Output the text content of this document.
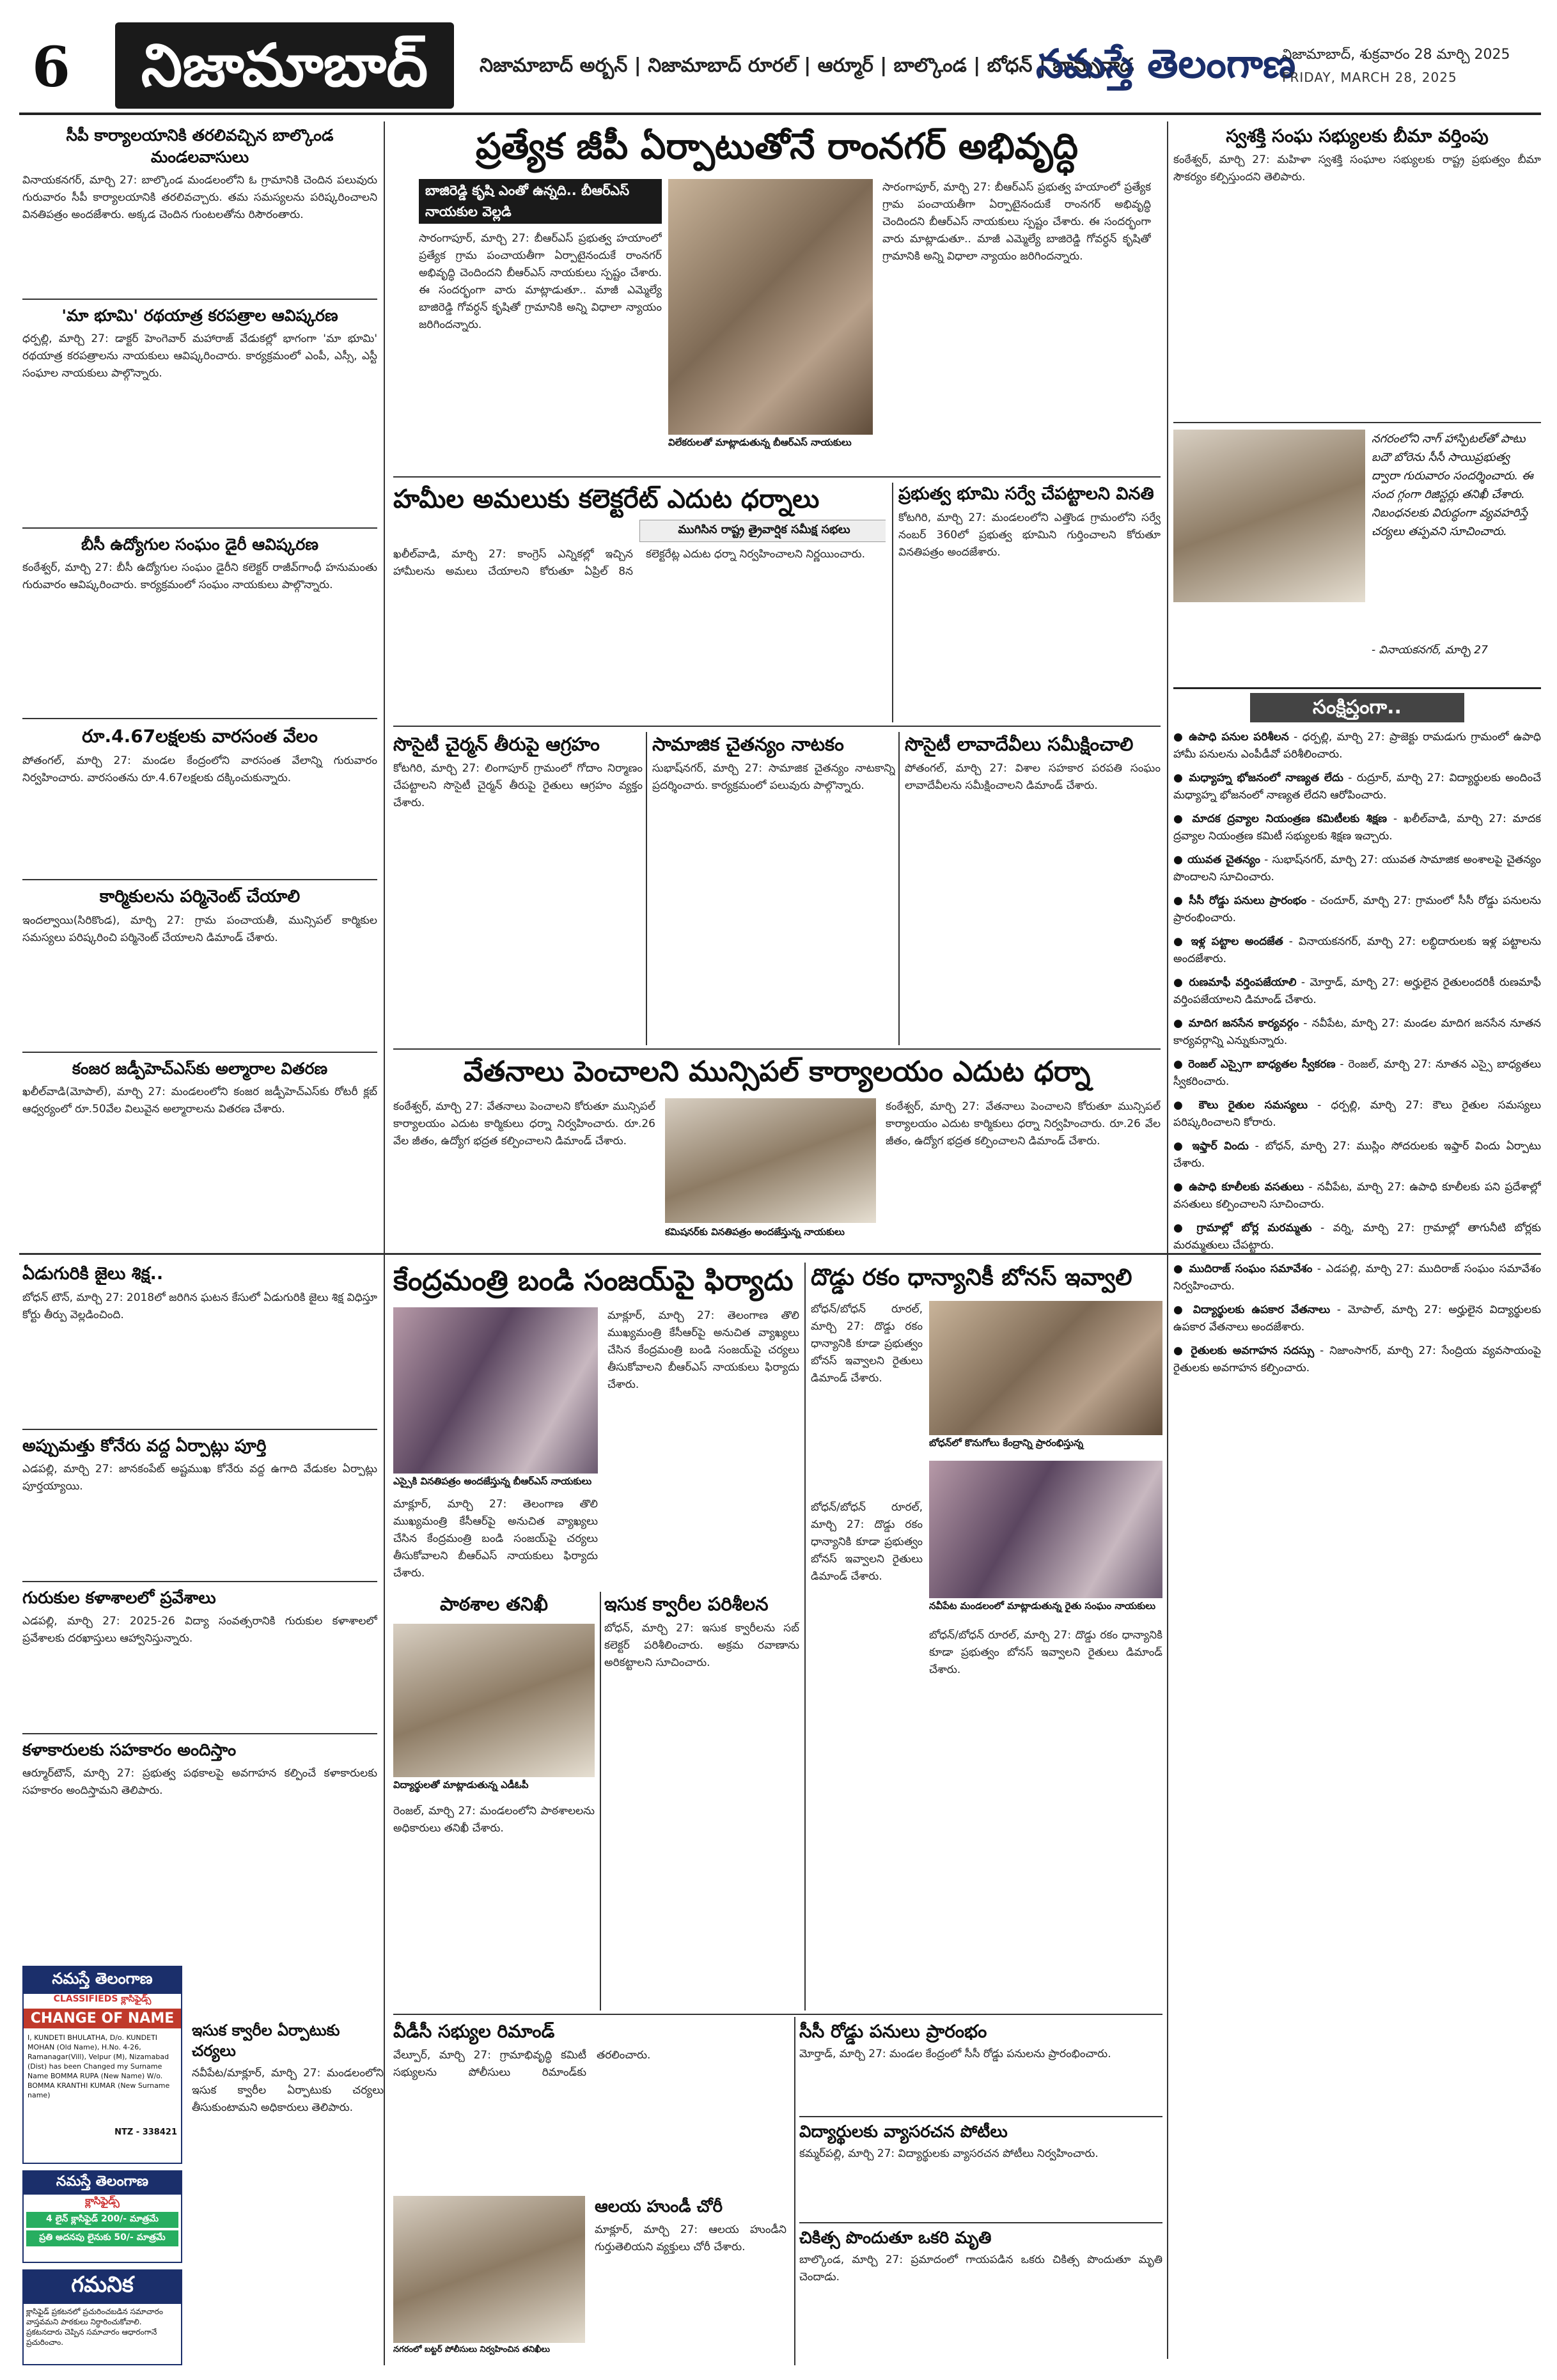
6	నిజామాబాద్	నిజామాబాద్ అర్బన్ | నిజామాబాద్ రూరల్ | ఆర్మూర్ | బాల్కొండ | బోధన్ | బాన్సువాడ
నమస్తే తెలంగాణ
నిజామాబాద్, శుక్రవారం 28 మార్చి 2025
FRIDAY, MARCH 28, 2025
సీపీ కార్యాలయానికి తరలివచ్చిన బాల్కొండ మండలవాసులు

వినాయకనగర్, మార్చి 27: బాల్కొండ మండలంలోని ఓ గ్రామానికి చెందిన పలువురు గురువారం సీపీ కార్యాలయానికి తరలివచ్చారు. తమ సమస్యలను పరిష్కరించాలని వినతిపత్రం అందజేశారు. అక్కడ చెందిన గుంటలతోను రిసౌరంతారు.

'మా భూమి' రథయాత్ర కరపత్రాల ఆవిష్కరణ

ధర్పల్లి, మార్చి 27: డాక్టర్ హెంగెవార్ మహారాజ్ వేడుకల్లో భాగంగా 'మా భూమి' రథయాత్ర కరపత్రాలను నాయకులు ఆవిష్కరించారు. కార్యక్రమంలో ఎంపీ, ఎస్సీ, ఎస్టీ సంఘాల నాయకులు పాల్గొన్నారు.

బీసీ ఉద్యోగుల సంఘం డైరీ ఆవిష్కరణ

కంఠేశ్వర్, మార్చి 27: బీసీ ఉద్యోగుల సంఘం డైరీని కలెక్టర్ రాజీవ్‌గాంధీ హనుమంతు గురువారం ఆవిష్కరించారు. కార్యక్రమంలో సంఘం నాయకులు పాల్గొన్నారు.

రూ.4.67లక్షలకు వారసంత వేలం

పోతంగల్, మార్చి 27: మండల కేంద్రంలోని వారసంత వేలాన్ని గురువారం నిర్వహించారు. వారసంతను రూ.4.67లక్షలకు దక్కించుకున్నారు.

కార్మికులను పర్మినెంట్ చేయాలి

ఇందల్వాయి(సిరికొండ), మార్చి 27: గ్రామ పంచాయతీ, మున్సిపల్ కార్మికుల సమస్యలు పరిష్కరించి పర్మినెంట్ చేయాలని డిమాండ్ చేశారు.

కంజర జడ్పీహెచ్‌ఎస్‌కు అల్మారాల వితరణ

ఖలీల్‌వాడి(మోపాల్), మార్చి 27: మండలంలోని కంజర జడ్పీహెచ్‌ఎస్‌కు రోటరీ క్లబ్ ఆధ్వర్యంలో రూ.50వేల విలువైన అల్మారాలను వితరణ చేశారు.

ఏడుగురికి జైలు శిక్ష..

బోధన్ టౌన్, మార్చి 27: 2018లో జరిగిన ఘటన కేసులో ఏడుగురికి జైలు శిక్ష విధిస్తూ కోర్టు తీర్పు వెల్లడించింది.

అప్పుమత్తు కోనేరు వద్ద ఏర్పాట్లు పూర్తి

ఎడపల్లి, మార్చి 27: జానకంపేట్ అష్టముఖ కోనేరు వద్ద ఉగాది వేడుకల ఏర్పాట్లు పూర్తయ్యాయి.

గురుకుల కళాశాలలో ప్రవేశాలు

ఎడపల్లి, మార్చి 27: 2025-26 విద్యా సంవత్సరానికి గురుకుల కళాశాలలో ప్రవేశాలకు దరఖాస్తులు ఆహ్వానిస్తున్నారు.

కళాకారులకు సహకారం అందిస్తాం

ఆర్మూర్‌టౌన్, మార్చి 27: ప్రభుత్వ పథకాలపై అవగాహన కల్పించే కళాకారులకు సహకారం అందిస్తామని తెలిపారు.

నమస్తే తెలంగాణ
CLASSIFIEDS క్లాసిఫైడ్స్
CHANGE OF NAME
I, KUNDETI BHULATHA, D/o. KUNDETI MOHAN (Old Name), H.No. 4-26, Ramanagar(Vill), Velpur (M), Nizamabad (Dist) has been Changed my Surname Name BOMMA RUPA (New Name) W/o. BOMMA KRANTHI KUMAR (New Surname name)
NTZ - 338421
నమస్తే తెలంగాణ
క్లాసిఫైడ్స్
4 లైన్ క్లాసిఫైడ్ 200/- మాత్రమే
ప్రతి అదనపు లైనుకు 50/- మాత్రమే
గమనిక
క్లాసిఫైడ్ ప్రకటనలో ప్రచురించబడిన సమాచారం వాస్తవమని పాఠకులు నిర్ధారించుకోవాలి. ప్రకటనదారు చెప్పిన సమాచారం ఆధారంగానే ప్రచురించాం.
ప్రత్యేక జీపీ ఏర్పాటుతోనే రాంనగర్ అభివృద్ధి
బాజిరెడ్డి కృషి ఎంతో ఉన్నది.. బీఆర్‌ఎస్ నాయకుల వెల్లడి

సారంగాపూర్, మార్చి 27: బీఆర్‌ఎస్ ప్రభుత్వ హయాంలో ప్రత్యేక గ్రామ పంచాయతీగా ఏర్పాటైనందుకే రాంనగర్ అభివృద్ధి చెందిందని బీఆర్‌ఎస్ నాయకులు స్పష్టం చేశారు. ఈ సందర్భంగా వారు మాట్లాడుతూ.. మాజీ ఎమ్మెల్యే బాజిరెడ్డి గోవర్ధన్ కృషితో గ్రామానికి అన్ని విధాలా న్యాయం జరిగిందన్నారు.

విలేకరులతో మాట్లాడుతున్న బీఆర్‌ఎస్ నాయకులు

సారంగాపూర్, మార్చి 27: బీఆర్‌ఎస్ ప్రభుత్వ హయాంలో ప్రత్యేక గ్రామ పంచాయతీగా ఏర్పాటైనందుకే రాంనగర్ అభివృద్ధి చెందిందని బీఆర్‌ఎస్ నాయకులు స్పష్టం చేశారు. ఈ సందర్భంగా వారు మాట్లాడుతూ.. మాజీ ఎమ్మెల్యే బాజిరెడ్డి గోవర్ధన్ కృషితో గ్రామానికి అన్ని విధాలా న్యాయం జరిగిందన్నారు.

హమీల అమలుకు కలెక్టరేట్ ఎదుట ధర్నాలు
ముగిసిన రాష్ట్ర త్రైవార్షిక సమీక్ష సభలు

ఖలీల్‌వాడి, మార్చి 27: కాంగ్రెస్ ఎన్నికల్లో ఇచ్చిన హామీలను అమలు చేయాలని కోరుతూ ఏప్రిల్ 8న కలెక్టరేట్ల ఎదుట ధర్నా నిర్వహించాలని నిర్ణయించారు.

ప్రభుత్వ భూమి సర్వే చేపట్టాలని వినతి

కోటగిరి, మార్చి 27: మండలంలోని ఎత్తొండ గ్రామంలోని సర్వే నంబర్ 360లో ప్రభుత్వ భూమిని గుర్తించాలని కోరుతూ వినతిపత్రం అందజేశారు.

సొసైటీ చైర్మన్ తీరుపై ఆగ్రహం

కోటగిరి, మార్చి 27: లింగాపూర్ గ్రామంలో గోదాం నిర్మాణం చేపట్టాలని సొసైటీ చైర్మన్ తీరుపై రైతులు ఆగ్రహం వ్యక్తం చేశారు.

సామాజిక చైతన్యం నాటకం

సుభాష్‌నగర్, మార్చి 27: సామాజిక చైతన్యం నాటకాన్ని ప్రదర్శించారు. కార్యక్రమంలో పలువురు పాల్గొన్నారు.

సొసైటీ లావాదేవీలు సమీక్షించాలి

పోతంగల్, మార్చి 27: విశాల సహకార పరపతి సంఘం లావాదేవీలను సమీక్షించాలని డిమాండ్ చేశారు.

వేతనాలు పెంచాలని మున్సిపల్ కార్యాలయం ఎదుట ధర్నా

కంఠేశ్వర్, మార్చి 27: వేతనాలు పెంచాలని కోరుతూ మున్సిపల్ కార్యాలయం ఎదుట కార్మికులు ధర్నా నిర్వహించారు. రూ.26 వేల జీతం, ఉద్యోగ భద్రత కల్పించాలని డిమాండ్ చేశారు.

కమిషనర్‌కు వినతిపత్రం అందజేస్తున్న నాయకులు

కంఠేశ్వర్, మార్చి 27: వేతనాలు పెంచాలని కోరుతూ మున్సిపల్ కార్యాలయం ఎదుట కార్మికులు ధర్నా నిర్వహించారు. రూ.26 వేల జీతం, ఉద్యోగ భద్రత కల్పించాలని డిమాండ్ చేశారు.

కేంద్రమంత్రి బండి సంజయ్‌పై ఫిర్యాదు
ఎస్సైకి వినతిపత్రం అందజేస్తున్న బీఆర్‌ఎస్ నాయకులు

మాక్లూర్, మార్చి 27: తెలంగాణ తొలి ముఖ్యమంత్రి కేసీఆర్‌పై అనుచిత వ్యాఖ్యలు చేసిన కేంద్రమంత్రి బండి సంజయ్‌పై చర్యలు తీసుకోవాలని బీఆర్‌ఎస్ నాయకులు ఫిర్యాదు చేశారు.

మాక్లూర్, మార్చి 27: తెలంగాణ తొలి ముఖ్యమంత్రి కేసీఆర్‌పై అనుచిత వ్యాఖ్యలు చేసిన కేంద్రమంత్రి బండి సంజయ్‌పై చర్యలు తీసుకోవాలని బీఆర్‌ఎస్ నాయకులు ఫిర్యాదు చేశారు.

పాఠశాల తనిఖీ
విద్యార్థులతో మాట్లాడుతున్న ఎడీఓపీ

రెంజల్, మార్చి 27: మండలంలోని పాఠశాలలను అధికారులు తనిఖీ చేశారు.

ఇసుక క్వారీల పరిశీలన

బోధన్, మార్చి 27: ఇసుక క్వారీలను సబ్ కలెక్టర్ పరిశీలించారు. అక్రమ రవాణాను అరికట్టాలని సూచించారు.

దొడ్డు రకం ధాన్యానికీ బోనస్ ఇవ్వాలి

బోధన్/బోధన్ రూరల్, మార్చి 27: దొడ్డు రకం ధాన్యానికి కూడా ప్రభుత్వం బోనస్ ఇవ్వాలని రైతులు డిమాండ్ చేశారు.

బోధన్‌లో కొనుగోలు కేంద్రాన్ని ప్రారంభిస్తున్న
నవీపేట మండలంలో మాట్లాడుతున్న రైతు సంఘం నాయకులు

బోధన్/బోధన్ రూరల్, మార్చి 27: దొడ్డు రకం ధాన్యానికి కూడా ప్రభుత్వం బోనస్ ఇవ్వాలని రైతులు డిమాండ్ చేశారు.

బోధన్/బోధన్ రూరల్, మార్చి 27: దొడ్డు రకం ధాన్యానికి కూడా ప్రభుత్వం బోనస్ ఇవ్వాలని రైతులు డిమాండ్ చేశారు.

ఇసుక క్వారీల ఏర్పాటుకు చర్యలు

నవీపేట/మాక్లూర్, మార్చి 27: మండలంలోని ఇసుక క్వారీల ఏర్పాటుకు చర్యలు తీసుకుంటామని అధికారులు తెలిపారు.

వీడీసీ సభ్యుల రిమాండ్

వేల్పూర్, మార్చి 27: గ్రామాభివృద్ధి కమిటీ సభ్యులను పోలీసులు రిమాండ్‌కు తరలించారు.

నగరంలో బట్టర్ పోలీసులు నిర్వహించిన తనిఖీలు
ఆలయ హుండీ చోరీ

మాక్లూర్, మార్చి 27: ఆలయ హుండీని గుర్తుతెలియని వ్యక్తులు చోరీ చేశారు.

సీసీ రోడ్డు పనులు ప్రారంభం

మోర్తాడ్, మార్చి 27: మండల కేంద్రంలో సీసీ రోడ్డు పనులను ప్రారంభించారు.

విద్యార్థులకు వ్యాసరచన పోటీలు

కమ్మర్‌పల్లి, మార్చి 27: విద్యార్థులకు వ్యాసరచన పోటీలు నిర్వహించారు.

చికిత్స పొందుతూ ఒకరి మృతి

బాల్కొండ, మార్చి 27: ప్రమాదంలో గాయపడిన ఒకరు చికిత్స పొందుతూ మృతి చెందాడు.

స్వశక్తి సంఘ సభ్యులకు బీమా వర్తింపు

కంఠేశ్వర్, మార్చి 27: మహిళా స్వశక్తి సంఘాల సభ్యులకు రాష్ట్ర ప్రభుత్వం బీమా సౌకర్యం కల్పిస్తుందని తెలిపారు.

నగరంలోని నాగ్ హాస్పిటల్‌తో పాటు బదౌ బోరెను సీసీ సాయిప్రభుత్వ ద్వారా గురువారం సందర్శించారు. ఈ సంద గ్గంగా రిజిస్టర్లు తనిఖీ చేశారు. నిబంధనలకు విరుద్ధంగా వ్యవహరిస్తే చర్యలు తప్పవని సూచించారు.

- వినాయకనగర్, మార్చి 27
సంక్షిప్తంగా..

● ఉపాధి పనుల పరిశీలన - ధర్పల్లి, మార్చి 27: ప్రాజెక్టు రామడుగు గ్రామంలో ఉపాధి హామీ పనులను ఎంపీడీవో పరిశీలించారు.

● మధ్యాహ్న భోజనంలో నాణ్యత లేదు - రుద్రూర్, మార్చి 27: విద్యార్థులకు అందించే మధ్యాహ్న భోజనంలో నాణ్యత లేదని ఆరోపించారు.

● మాదక ద్రవ్యాల నియంత్రణ కమిటీలకు శిక్షణ - ఖలీల్‌వాడి, మార్చి 27: మాదక ద్రవ్యాల నియంత్రణ కమిటీ సభ్యులకు శిక్షణ ఇచ్చారు.

● యువత చైతన్యం - సుభాష్‌నగర్, మార్చి 27: యువత సామాజిక అంశాలపై చైతన్యం పొందాలని సూచించారు.

● సీసీ రోడ్డు పనులు ప్రారంభం - చందూర్, మార్చి 27: గ్రామంలో సీసీ రోడ్డు పనులను ప్రారంభించారు.

● ఇళ్ల పట్టాల అందజేత - వినాయకనగర్, మార్చి 27: లబ్ధిదారులకు ఇళ్ల పట్టాలను అందజేశారు.

● రుణమాఫీ వర్తింపజేయాలి - మోర్తాడ్, మార్చి 27: అర్హులైన రైతులందరికీ రుణమాఫీ వర్తింపజేయాలని డిమాండ్ చేశారు.

● మాదిగ జనసేన కార్యవర్గం - నవీపేట, మార్చి 27: మండల మాదిగ జనసేన నూతన కార్యవర్గాన్ని ఎన్నుకున్నారు.

● రెంజల్ ఎస్సైగా బాధ్యతల స్వీకరణ - రెంజల్, మార్చి 27: నూతన ఎస్సై బాధ్యతలు స్వీకరించారు.

● కౌలు రైతుల సమస్యలు - ధర్పల్లి, మార్చి 27: కౌలు రైతుల సమస్యలు పరిష్కరించాలని కోరారు.

● ఇఫ్తార్ విందు - బోధన్, మార్చి 27: ముస్లిం సోదరులకు ఇఫ్తార్ విందు ఏర్పాటు చేశారు.

● ఉపాధి కూలీలకు వసతులు - నవీపేట, మార్చి 27: ఉపాధి కూలీలకు పని ప్రదేశాల్లో వసతులు కల్పించాలని సూచించారు.

● గ్రామాల్లో బోర్ల మరమ్మతు - వర్ని, మార్చి 27: గ్రామాల్లో తాగునీటి బోర్లకు మరమ్మతులు చేపట్టారు.

● ముదిరాజ్ సంఘం సమావేశం - ఎడపల్లి, మార్చి 27: ముదిరాజ్ సంఘం సమావేశం నిర్వహించారు.

● విద్యార్థులకు ఉపకార వేతనాలు - మోపాల్, మార్చి 27: అర్హులైన విద్యార్థులకు ఉపకార వేతనాలు అందజేశారు.

● రైతులకు అవగాహన సదస్సు - నిజాంసాగర్, మార్చి 27: సేంద్రియ వ్యవసాయంపై రైతులకు అవగాహన కల్పించారు.
